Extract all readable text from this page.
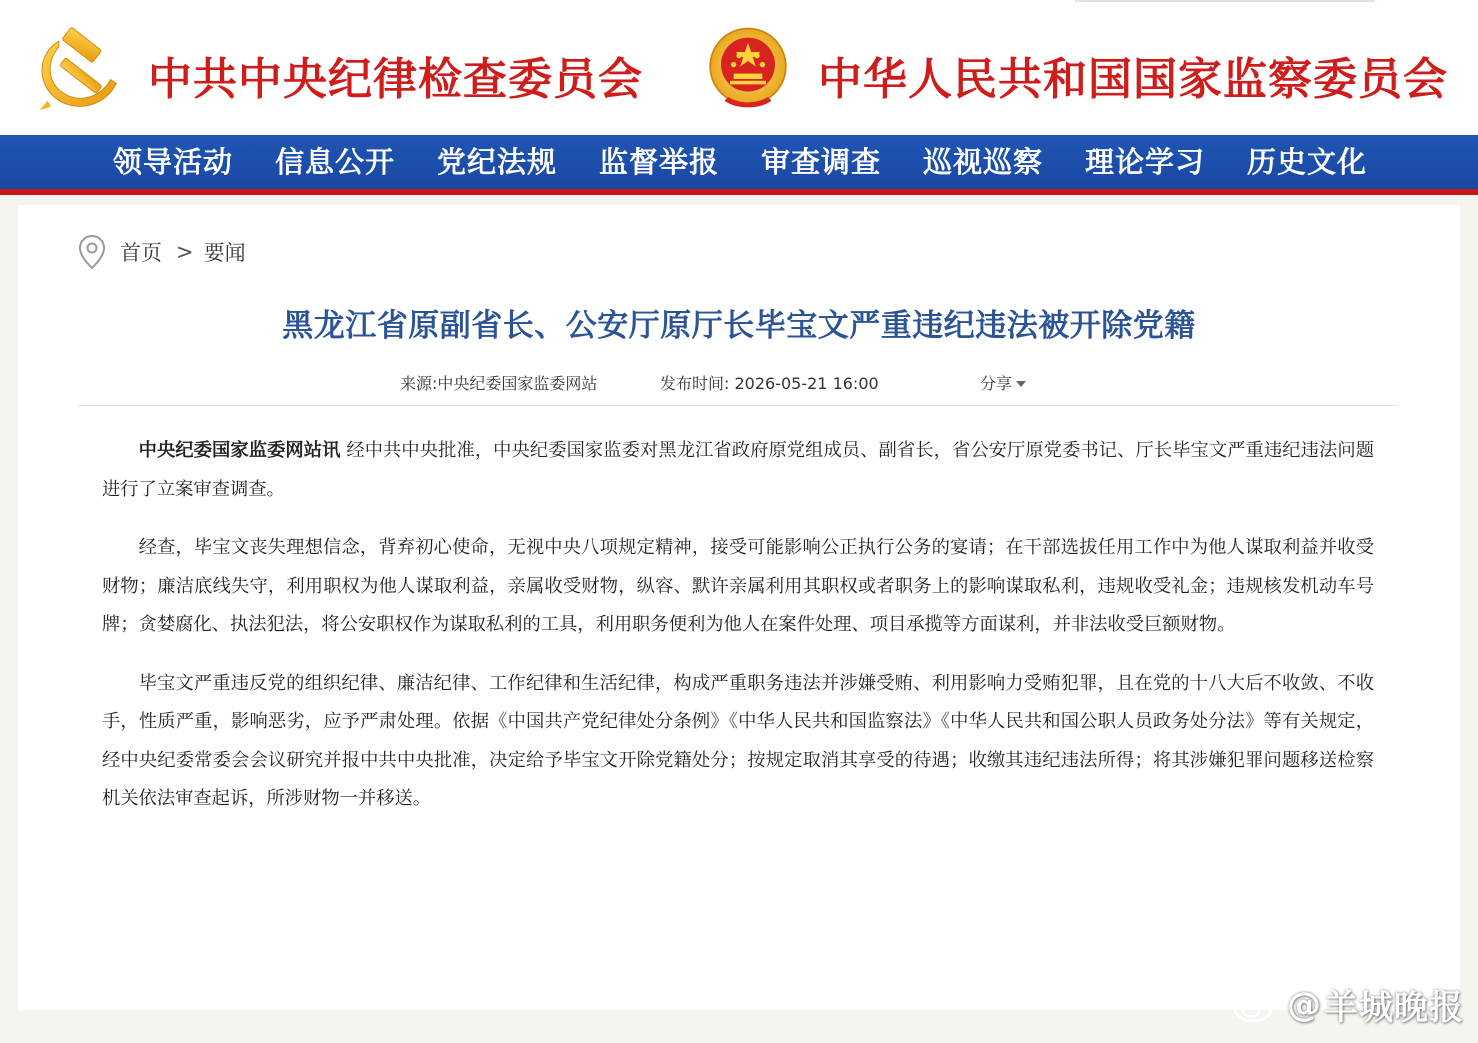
中共中央纪律检查委员会	中华人民共和国国家监察委员会
领导活动	信息公开	党纪法规	监督举报	审查调查	巡视巡察	理论学习	历史文化
首页 > 要闻
黑龙江省原副省长、公安厅原厅长毕宝文严重违纪违法被开除党籍
来源:中央纪委国家监委网站	发布时间: 2026-05-21 16:00	分享

中央纪委国家监委网站讯 经中共中央批准，中央纪委国家监委对黑龙江省政府原党组成员、副省长，省公安厅原党委书记、厅长毕宝文严重违纪违法问题进行了立案审查调查。

经查，毕宝文丧失理想信念，背弃初心使命，无视中央八项规定精神，接受可能影响公正执行公务的宴请；在干部选拔任用工作中为他人谋取利益并收受财物；廉洁底线失守，利用职权为他人谋取利益，亲属收受财物，纵容、默许亲属利用其职权或者职务上的影响谋取私利，违规收受礼金；违规核发机动车号牌；贪婪腐化、执法犯法，将公安职权作为谋取私利的工具，利用职务便利为他人在案件处理、项目承揽等方面谋利，并非法收受巨额财物。

毕宝文严重违反党的组织纪律、廉洁纪律、工作纪律和生活纪律，构成严重职务违法并涉嫌受贿、利用影响力受贿犯罪，且在党的十八大后不收敛、不收手，性质严重，影响恶劣，应予严肃处理。依据《中国共产党纪律处分条例》《中华人民共和国监察法》《中华人民共和国公职人员政务处分法》等有关规定，经中央纪委常委会会议研究并报中共中央批准，决定给予毕宝文开除党籍处分；按规定取消其享受的待遇；收缴其违纪违法所得；将其涉嫌犯罪问题移送检察机关依法审查起诉，所涉财物一并移送。

@ 羊城晚报
